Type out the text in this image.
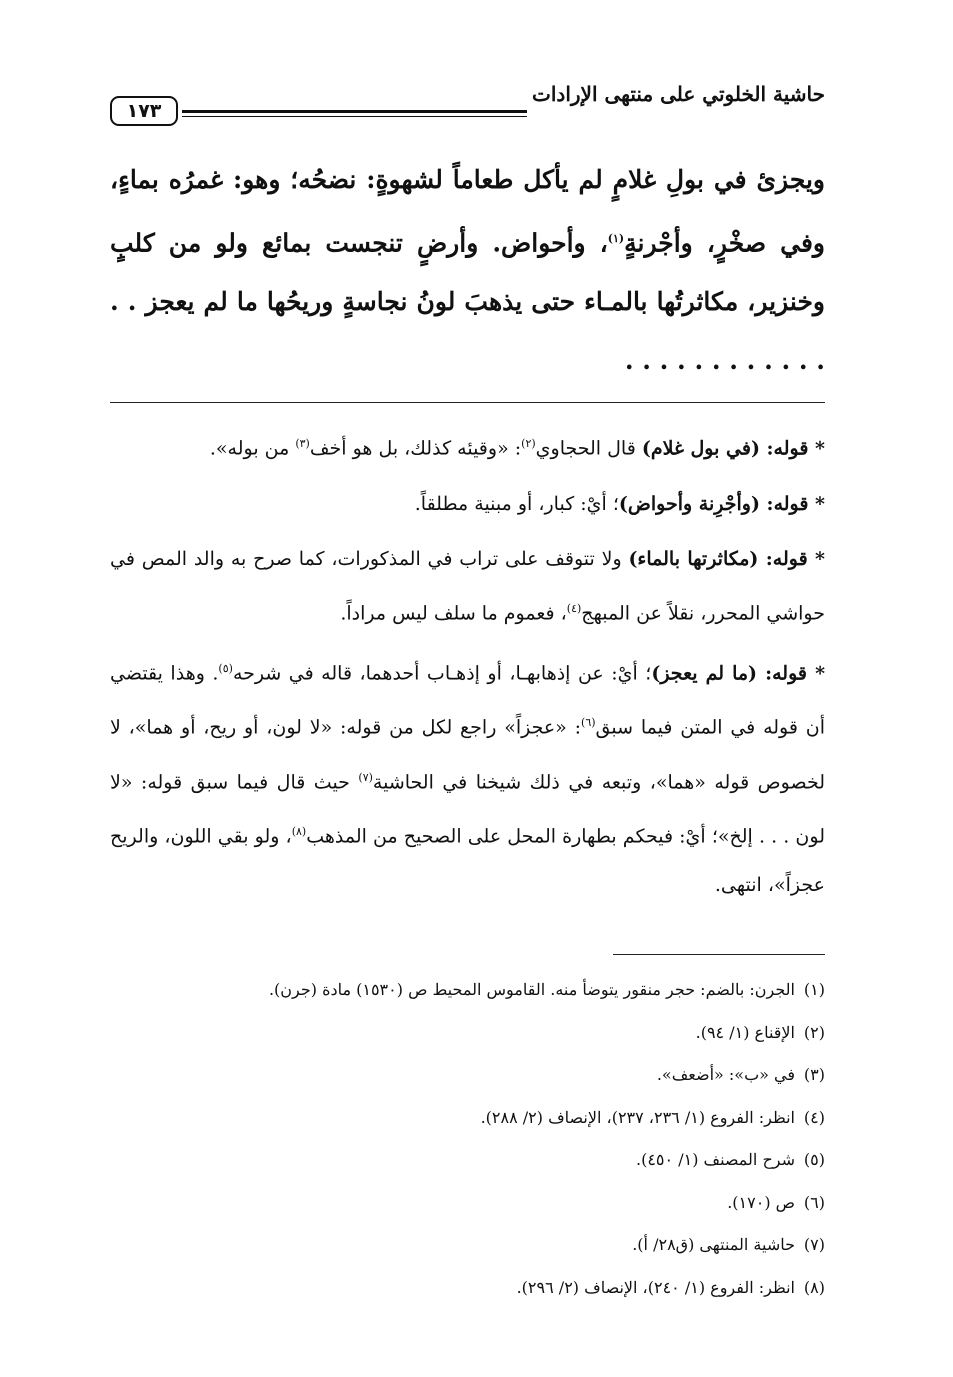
حاشية الخلوتي على منتهى الإرادات
١٧٣
ويجزئ في بولِ غلامٍ لم يأكل طعاماً لشهوةٍ: نضحُه؛ وهو: غمرُه بماءٍ، وفي صخْرٍ، وأجْرنةٍ$^{(١)}$، وأحواض. وأرضٍ تنجست بمائع ولو من كلبٍ وخنزير، مكاثرتُها بالمـاء حتى يذهبَ لونُ نجاسةٍ وريحُها ما لم يعجز . . . . . . . . . . . . . .

* قوله: (في بول غلام) قال الحجاوي$^{(٢)}$: «وقيئه كذلك، بل هو أخف$^{(٣)}$ من بوله».

* قوله: (وأجْرِنة وأحواض)؛ أيْ: كبار، أو مبنية مطلقاً.

* قوله: (مكاثرتها بالماء) ولا تتوقف على تراب في المذكورات، كما صرح به والد المص في حواشي المحرر، نقلاً عن المبهج$^{(٤)}$، فعموم ما سلف ليس مراداً.

* قوله: (ما لم يعجز)؛ أيْ: عن إذهابهـا، أو إذهـاب أحدهما، قاله في شرحه$^{(٥)}$. وهذا يقتضي أن قوله في المتن فيما سبق$^{(٦)}$: «عجزاً» راجع لكل من قوله: «لا لون، أو ريح، أو هما»، لا لخصوص قوله «هما»، وتبعه في ذلك شيخنا في الحاشية$^{(٧)}$ حيث قال فيما سبق قوله: «لا لون . . . إلخ»؛ أيْ: فيحكم بطهارة المحل على الصحيح من المذهب$^{(٨)}$، ولو بقي اللون، والريح عجزاً»، انتهى.

(١)الجرن: بالضم: حجر منقور يتوضأ منه. القاموس المحيط ص (١٥٣٠) مادة (جرن).
(٢)الإقناع (١/ ٩٤).
(٣)في «ب»: «أضعف».
(٤)انظر: الفروع (١/ ٢٣٦، ٢٣٧)، الإنصاف (٢/ ٢٨٨).
(٥)شرح المصنف (١/ ٤٥٠).
(٦)ص (١٧٠).
(٧)حاشية المنتهى (ق٢٨/ أ).
(٨)انظر: الفروع (١/ ٢٤٠)، الإنصاف (٢/ ٢٩٦).
